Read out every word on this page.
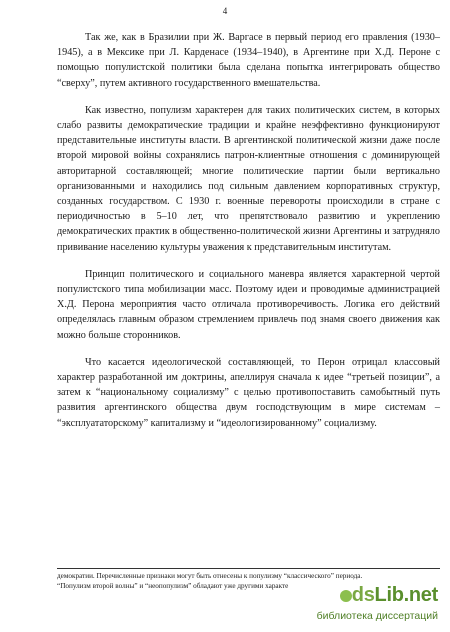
4

Так же, как в Бразилии при Ж. Варгасе в первый период его правления (1930–1945), а в Мексике при Л. Карденасе (1934–1940), в Аргентине при Х.Д. Пероне с помощью популистской политики была сделана попытка интегрировать общество “сверху”, путем активного государственного вмешательства.

Как известно, популизм характерен для таких политических систем, в которых слабо развиты демократические традиции и крайне неэффективно функционируют представительные институты власти. В аргентинской политической жизни даже после второй мировой войны сохранялись патрон-клиентные отношения с доминирующей авторитарной составляющей; многие политические партии были вертикально организованными и находились под сильным давлением корпоративных структур, созданных государством. С 1930 г. военные перевороты происходили в стране с периодичностью в 5–10 лет, что препятствовало развитию и укреплению демократических практик в общественно-политической жизни Аргентины и затрудняло прививание населению культуры уважения к представительным институтам.

Принцип политического и социального маневра является характерной чертой популистского типа мобилизации масс. Поэтому идеи и проводимые администрацией Х.Д. Перона мероприятия часто отличала противоречивость. Логика его действий определялась главным образом стремлением привлечь под знамя своего движения как можно больше сторонников.

Что касается идеологической составляющей, то Перон отрицал классовый характер разработанной им доктрины, апеллируя сначала к идее “третьей позиции”, а затем к “национальному социализму” с целью противопоставить самобытный путь развития аргентинского общества двум господствующим в мире системам – “эксплуататорскому” капитализму и “идеологизированному” социализму.

демократии. Перечисленные признаки могут быть отнесены к популизму “классического” периода. “Популизм второй волны” и “неопопулизм” обладают уже другими характе	dsLib.net
библиотека диссертаций
